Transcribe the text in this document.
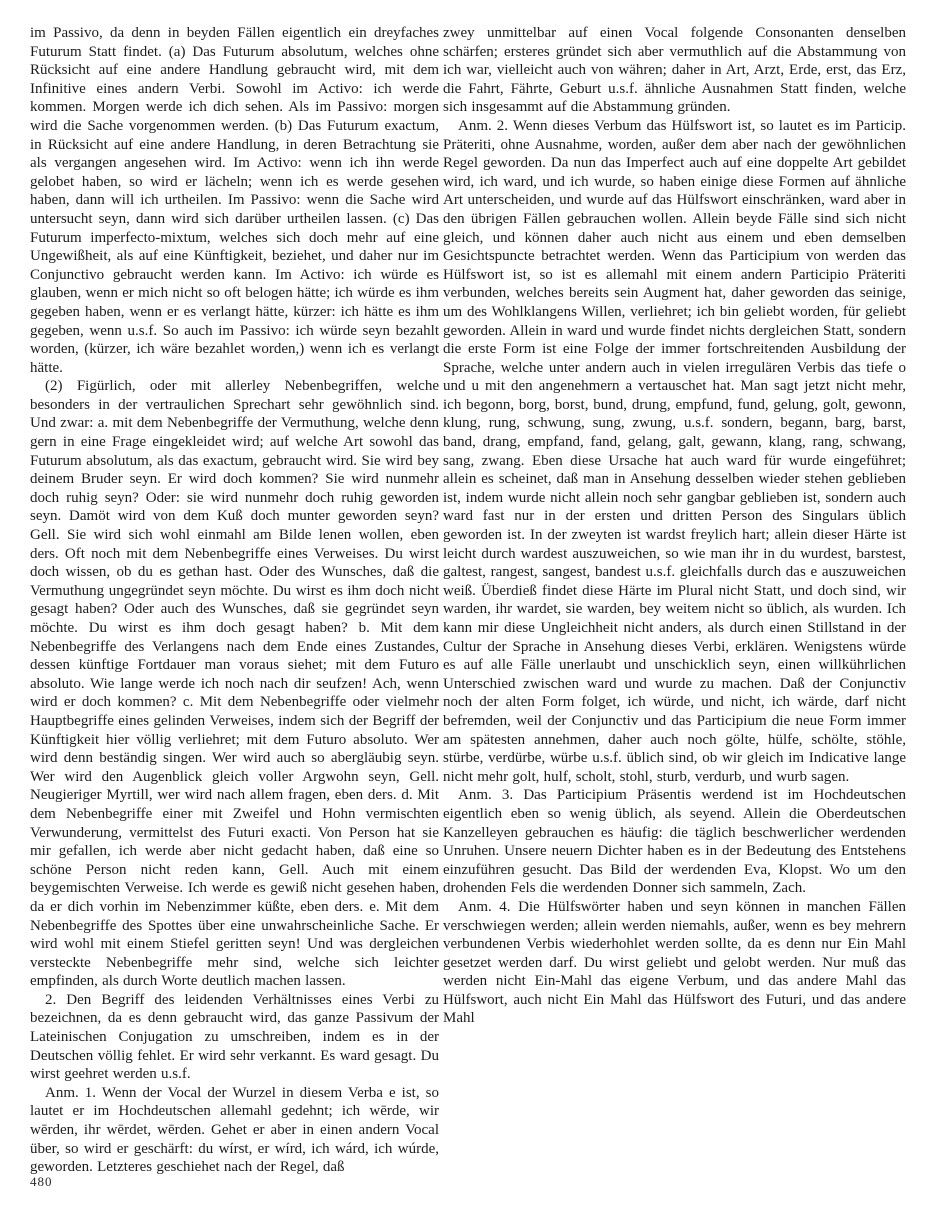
im Passivo, da denn in beyden Fällen eigentlich ein dreyfaches Futurum Statt findet. (a) Das Futurum absolutum, welches ohne Rücksicht auf eine andere Handlung gebraucht wird, mit dem Infinitive eines andern Verbi. Sowohl im Activo: ich werde kommen. Morgen werde ich dich sehen. Als im Passivo: morgen wird die Sache vorgenommen werden. (b) Das Futurum exactum, in Rücksicht auf eine andere Handlung, in deren Betrachtung sie als vergangen angesehen wird. Im Activo: wenn ich ihn werde gelobet haben, so wird er lächeln; wenn ich es werde gesehen haben, dann will ich urtheilen. Im Passivo: wenn die Sache wird untersucht seyn, dann wird sich darüber urtheilen lassen. (c) Das Futurum imperfecto-mixtum, welches sich doch mehr auf eine Ungewißheit, als auf eine Künftigkeit, beziehet, und daher nur im Conjunctivo gebraucht werden kann. Im Activo: ich würde es glauben, wenn er mich nicht so oft belogen hätte; ich würde es ihm gegeben haben, wenn er es verlangt hätte, kürzer: ich hätte es ihm gegeben, wenn u.s.f. So auch im Passivo: ich würde seyn bezahlt worden, (kürzer, ich wäre bezahlet worden,) wenn ich es verlangt hätte.

(2) Figürlich, oder mit allerley Nebenbegriffen, welche besonders in der vertraulichen Sprechart sehr gewöhnlich sind. Und zwar: a. mit dem Nebenbegriffe der Vermuthung, welche denn gern in eine Frage eingekleidet wird; auf welche Art sowohl das Futurum absolutum, als das exactum, gebraucht wird. Sie wird bey deinem Bruder seyn. Er wird doch kommen? Sie wird nunmehr doch ruhig seyn? Oder: sie wird nunmehr doch ruhig geworden seyn. Damöt wird von dem Kuß doch munter geworden seyn? Gell. Sie wird sich wohl einmahl am Bilde lenen wollen, eben ders. Oft noch mit dem Nebenbegriffe eines Verweises. Du wirst doch wissen, ob du es gethan hast. Oder des Wunsches, daß die Vermuthung ungegründet seyn möchte. Du wirst es ihm doch nicht gesagt haben? Oder auch des Wunsches, daß sie gegründet seyn möchte. Du wirst es ihm doch gesagt haben? b. Mit dem Nebenbegriffe des Verlangens nach dem Ende eines Zustandes, dessen künftige Fortdauer man voraus siehet; mit dem Futuro absoluto. Wie lange werde ich noch nach dir seufzen! Ach, wenn wird er doch kommen? c. Mit dem Nebenbegriffe oder vielmehr Hauptbegriffe eines gelinden Verweises, indem sich der Begriff der Künftigkeit hier völlig verliehret; mit dem Futuro absoluto. Wer wird denn beständig singen. Wer wird auch so abergläubig seyn. Wer wird den Augenblick gleich voller Argwohn seyn, Gell. Neugieriger Myrtill, wer wird nach allem fragen, eben ders. d. Mit dem Nebenbegriffe einer mit Zweifel und Hohn vermischten Verwunderung, vermittelst des Futuri exacti. Von Person hat sie mir gefallen, ich werde aber nicht gedacht haben, daß eine so schöne Person nicht reden kann, Gell. Auch mit einem beygemischten Verweise. Ich werde es gewiß nicht gesehen haben, da er dich vorhin im Nebenzimmer küßte, eben ders. e. Mit dem Nebenbegriffe des Spottes über eine unwahrscheinliche Sache. Er wird wohl mit einem Stiefel geritten seyn! Und was dergleichen versteckte Nebenbegriffe mehr sind, welche sich leichter empfinden, als durch Worte deutlich machen lassen.

2. Den Begriff des leidenden Verhältnisses eines Verbi zu bezeichnen, da es denn gebraucht wird, das ganze Passivum der Lateinischen Conjugation zu umschreiben, indem es in der Deutschen völlig fehlet. Er wird sehr verkannt. Es ward gesagt. Du wirst geehret werden u.s.f.

Anm. 1. Wenn der Vocal der Wurzel in diesem Verba e ist, so lautet er im Hochdeutschen allemahl gedehnt; ich wērde, wir wērden, ihr wērdet, wērden. Gehet er aber in einen andern Vocal über, so wird er geschärft: du wírst, er wírd, ich wárd, ich wúrde, geworden. Letzteres geschiehet nach der Regel, daß

zwey unmittelbar auf einen Vocal folgende Consonanten denselben schärfen; ersteres gründet sich aber vermuthlich auf die Abstammung von ich war, vielleicht auch von währen; daher in Art, Arzt, Erde, erst, das Erz, die Fahrt, Fährte, Geburt u.s.f. ähnliche Ausnahmen Statt finden, welche sich insgesammt auf die Abstammung gründen.

Anm. 2. Wenn dieses Verbum das Hülfswort ist, so lautet es im Particip. Präteriti, ohne Ausnahme, worden, außer dem aber nach der gewöhnlichen Regel geworden. Da nun das Imperfect auch auf eine doppelte Art gebildet wird, ich ward, und ich wurde, so haben einige diese Formen auf ähnliche Art unterscheiden, und wurde auf das Hülfswort einschränken, ward aber in den übrigen Fällen gebrauchen wollen. Allein beyde Fälle sind sich nicht gleich, und können daher auch nicht aus einem und eben demselben Gesichtspuncte betrachtet werden. Wenn das Participium von werden das Hülfswort ist, so ist es allemahl mit einem andern Participio Präteriti verbunden, welches bereits sein Augment hat, daher geworden das seinige, um des Wohlklangens Willen, verliehret; ich bin geliebt worden, für geliebt geworden. Allein in ward und wurde findet nichts dergleichen Statt, sondern die erste Form ist eine Folge der immer fortschreitenden Ausbildung der Sprache, welche unter andern auch in vielen irregulären Verbis das tiefe o und u mit den angenehmern a vertauschet hat. Man sagt jetzt nicht mehr, ich begonn, borg, borst, bund, drung, empfund, fund, gelung, golt, gewonn, klung, rung, schwung, sung, zwung, u.s.f. sondern, begann, barg, barst, band, drang, empfand, fand, gelang, galt, gewann, klang, rang, schwang, sang, zwang. Eben diese Ursache hat auch ward für wurde eingeführet; allein es scheinet, daß man in Ansehung desselben wieder stehen geblieben ist, indem wurde nicht allein noch sehr gangbar geblieben ist, sondern auch ward fast nur in der ersten und dritten Person des Singulars üblich geworden ist. In der zweyten ist wardst freylich hart; allein dieser Härte ist leicht durch wardest auszuweichen, so wie man ihr in du wurdest, barstest, galtest, rangest, sangest, bandest u.s.f. gleichfalls durch das e auszuweichen weiß. Überdieß findet diese Härte im Plural nicht Statt, und doch sind, wir warden, ihr wardet, sie warden, bey weitem nicht so üblich, als wurden. Ich kann mir diese Ungleichheit nicht anders, als durch einen Stillstand in der Cultur der Sprache in Ansehung dieses Verbi, erklären. Wenigstens würde es auf alle Fälle unerlaubt und unschicklich seyn, einen willkührlichen Unterschied zwischen ward und wurde zu machen. Daß der Conjunctiv noch der alten Form folget, ich würde, und nicht, ich wärde, darf nicht befremden, weil der Conjunctiv und das Participium die neue Form immer am spätesten annehmen, daher auch noch gölte, hülfe, schölte, stöhle, stürbe, verdürbe, würbe u.s.f. üblich sind, ob wir gleich im Indicative lange nicht mehr golt, hulf, scholt, stohl, sturb, verdurb, und wurb sagen.

Anm. 3. Das Participium Präsentis werdend ist im Hochdeutschen eigentlich eben so wenig üblich, als seyend. Allein die Oberdeutschen Kanzelleyen gebrauchen es häufig: die täglich beschwerlicher werdenden Unruhen. Unsere neuern Dichter haben es in der Bedeutung des Entstehens einzuführen gesucht. Das Bild der werdenden Eva, Klopst. Wo um den drohenden Fels die werdenden Donner sich sammeln, Zach.

Anm. 4. Die Hülfswörter haben und seyn können in manchen Fällen verschwiegen werden; allein werden niemahls, außer, wenn es bey mehrern verbundenen Verbis wiederhohlet werden sollte, da es denn nur Ein Mahl gesetzet werden darf. Du wirst geliebt und gelobt werden. Nur muß das werden nicht Ein-Mahl das eigene Verbum, und das andere Mahl das Hülfswort, auch nicht Ein Mahl das Hülfswort des Futuri, und das andere Mahl

480
